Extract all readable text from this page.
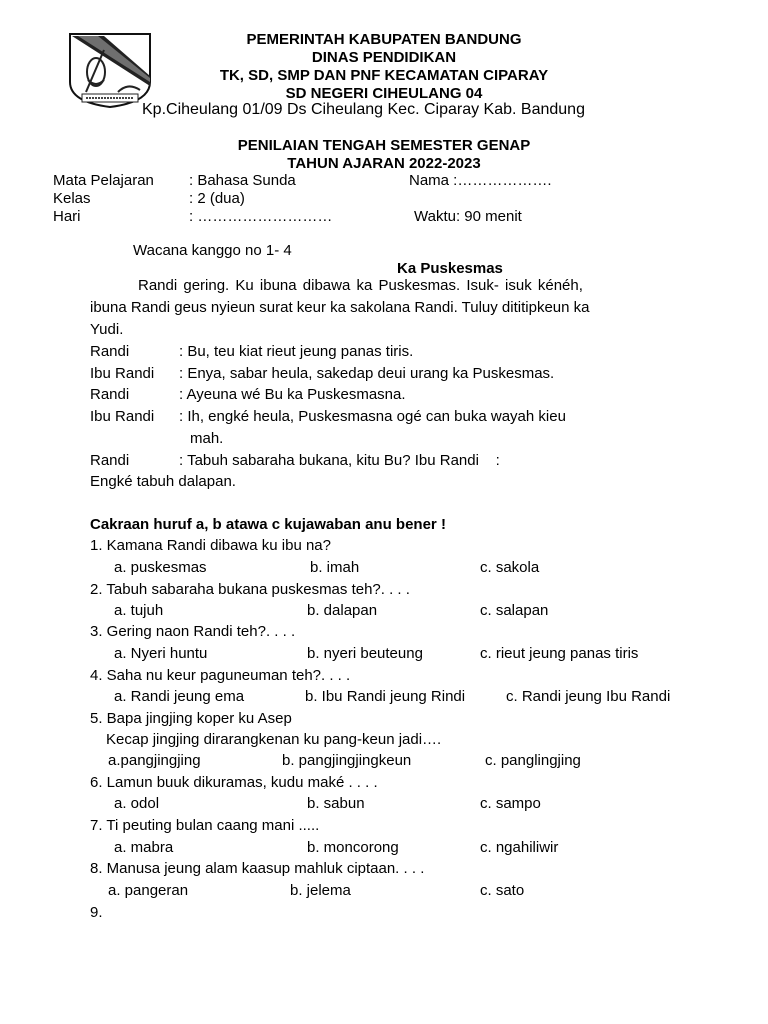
PEMERINTAH KABUPATEN BANDUNG
DINAS PENDIDIKAN
TK, SD, SMP DAN PNF KECAMATAN CIPARAY
SD NEGERI CIHEULANG 04
Kp.Ciheulang 01/09 Ds Ciheulang Kec. Ciparay Kab. Bandung
PENILAIAN TENGAH SEMESTER GENAP
TAHUN AJARAN 2022-2023
Mata Pelajaran : Bahasa Sunda	Nama :……………….
Kelas	: 2 (dua)
Hari	: ………………………	Waktu: 90 menit
Wacana kanggo no 1- 4
Ka Puskesmas
Randi gering. Ku ibuna dibawa ka Puskesmas. Isuk- isuk kénéh,
ibuna Randi geus nyieun surat keur ka sakolana Randi. Tuluy dititipkeun ka
Yudi.
Randi	: Bu, teu kiat rieut jeung panas tiris.
Ibu Randi : Enya, sabar heula, sakedap deui urang ka Puskesmas.
Randi	: Ayeuna wé Bu ka Puskesmasna.
Ibu Randi : Ih, engké heula, Puskesmasna ogé can buka wayah kieu
mah.
Randi	: Tabuh sabaraha bukana, kitu Bu? Ibu Randi    :
Engké tabuh dalapan.
Cakraan huruf a, b atawa c kujawaban anu bener !
1. Kamana Randi dibawa ku ibu na?
a. puskesmas	b. imah	c. sakola
2. Tabuh sabaraha bukana puskesmas teh?. . . .
a. tujuh	b. dalapan	c. salapan
3. Gering naon Randi teh?. . . .
a. Nyeri huntu	b. nyeri beuteung	c. rieut jeung panas tiris
4. Saha nu keur paguneuman teh?. . . .
a. Randi jeung ema	b. Ibu Randi jeung Rindi	c. Randi jeung Ibu Randi
5. Bapa jingjing koper ku Asep
Kecap jingjing dirarangkenan ku pang-keun jadi….
a.pangjingjing	b. pangjingjingkeun	c. panglingjing
6. Lamun buuk dikuramas, kudu maké . . . .
a. odol	b. sabun	c. sampo
7. Ti peuting bulan caang mani .....
a. mabra	b. moncorong	c. ngahiliwir
8. Manusa jeung alam kaasup mahluk ciptaan. . . .
a. pangeran	b. jelema	c. sato
9.
